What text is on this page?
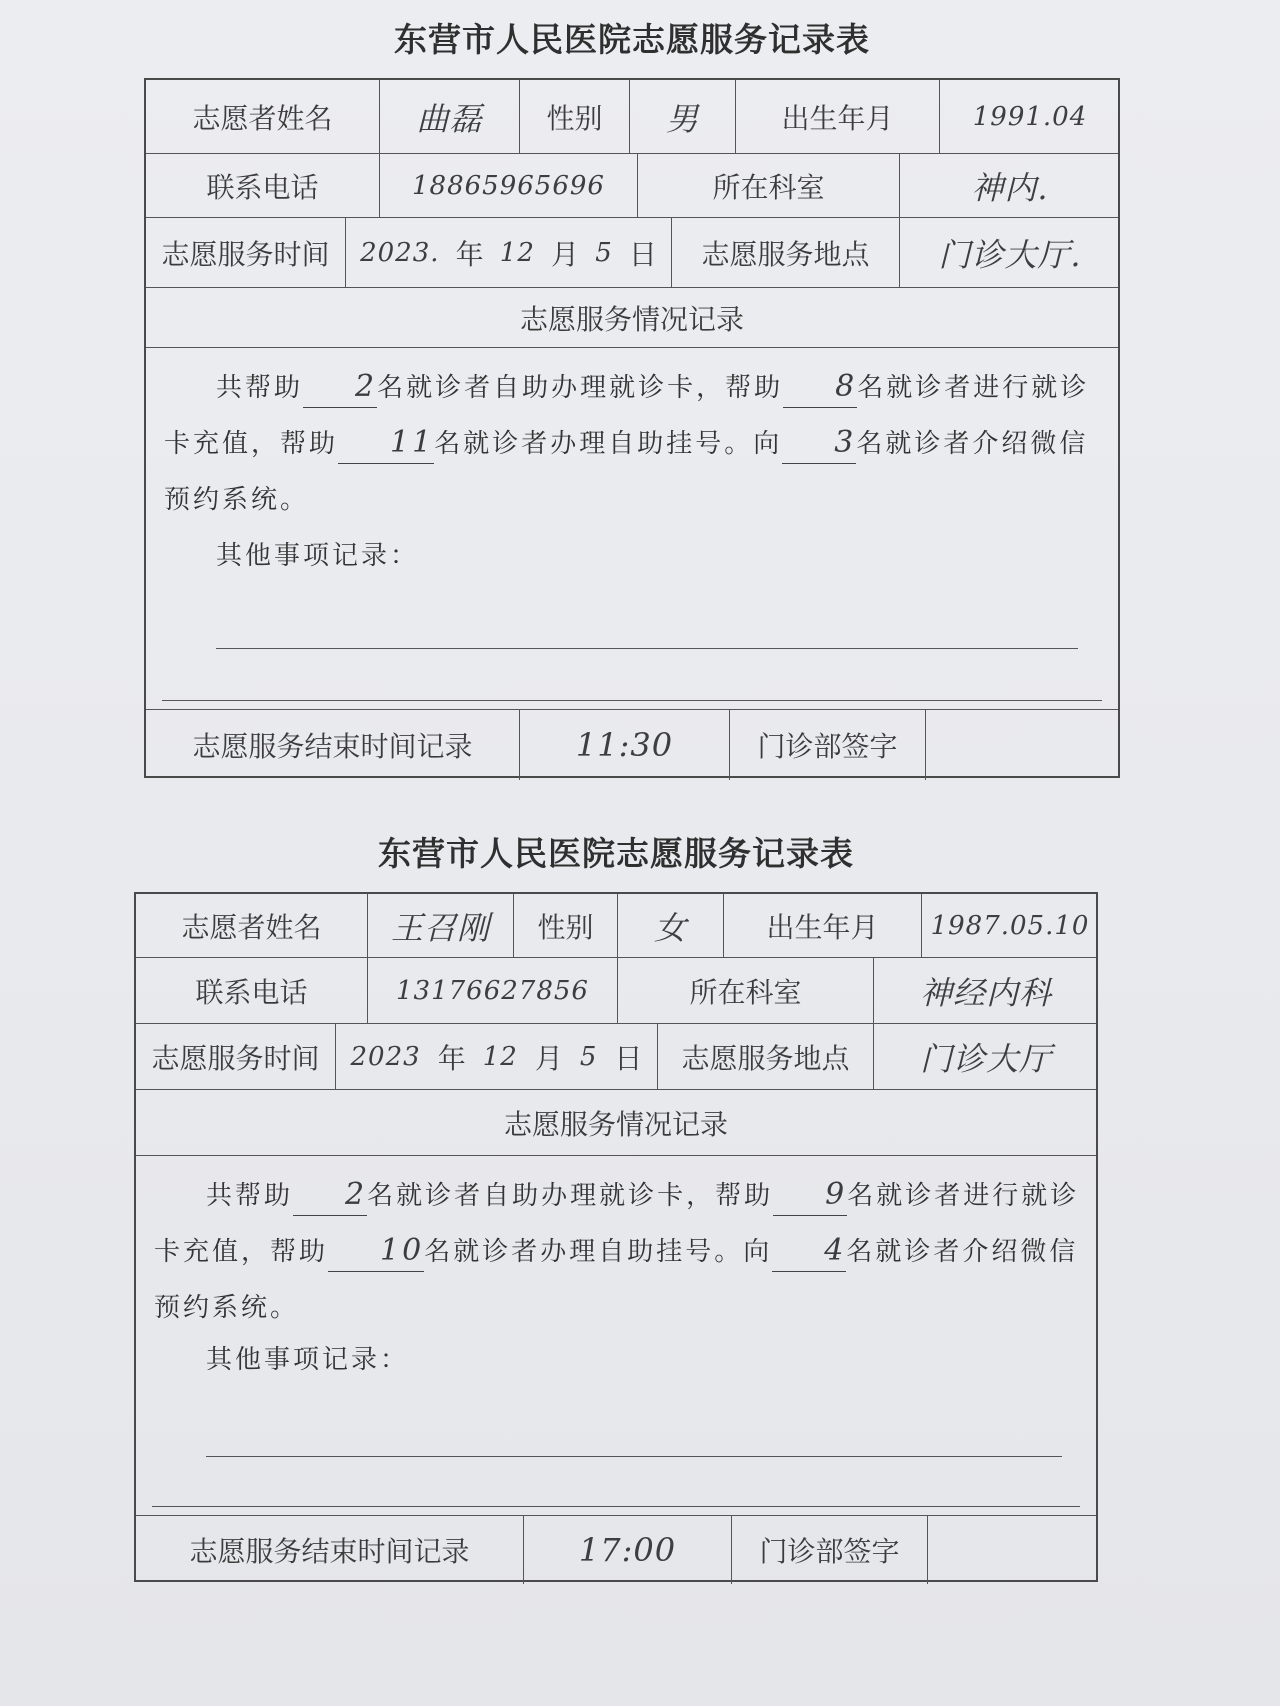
东营市人民医院志愿服务记录表
志愿者姓名	曲磊	性别	男	出生年月	1991.04
联系电话	18865965696	所在科室	神内.
志愿服务时间	2023. 年 12 月 5 日	志愿服务地点	门诊大厅.
志愿服务情况记录
共帮助 2名就诊者自助办理就诊卡，帮助 8名就诊者进行就诊卡充值，帮助 11名就诊者办理自助挂号。向 3名就诊者介绍微信预约系统。
其他事项记录：
志愿服务结束时间记录	11:30	门诊部签字
东营市人民医院志愿服务记录表
志愿者姓名	王召刚	性别	女	出生年月	1987.05.10
联系电话	13176627856	所在科室	神经内科
志愿服务时间	2023 年 12 月 5 日	志愿服务地点	门诊大厅
志愿服务情况记录
共帮助 2名就诊者自助办理就诊卡，帮助 9名就诊者进行就诊卡充值，帮助 10名就诊者办理自助挂号。向 4名就诊者介绍微信预约系统。
其他事项记录：
志愿服务结束时间记录	17:00	门诊部签字
